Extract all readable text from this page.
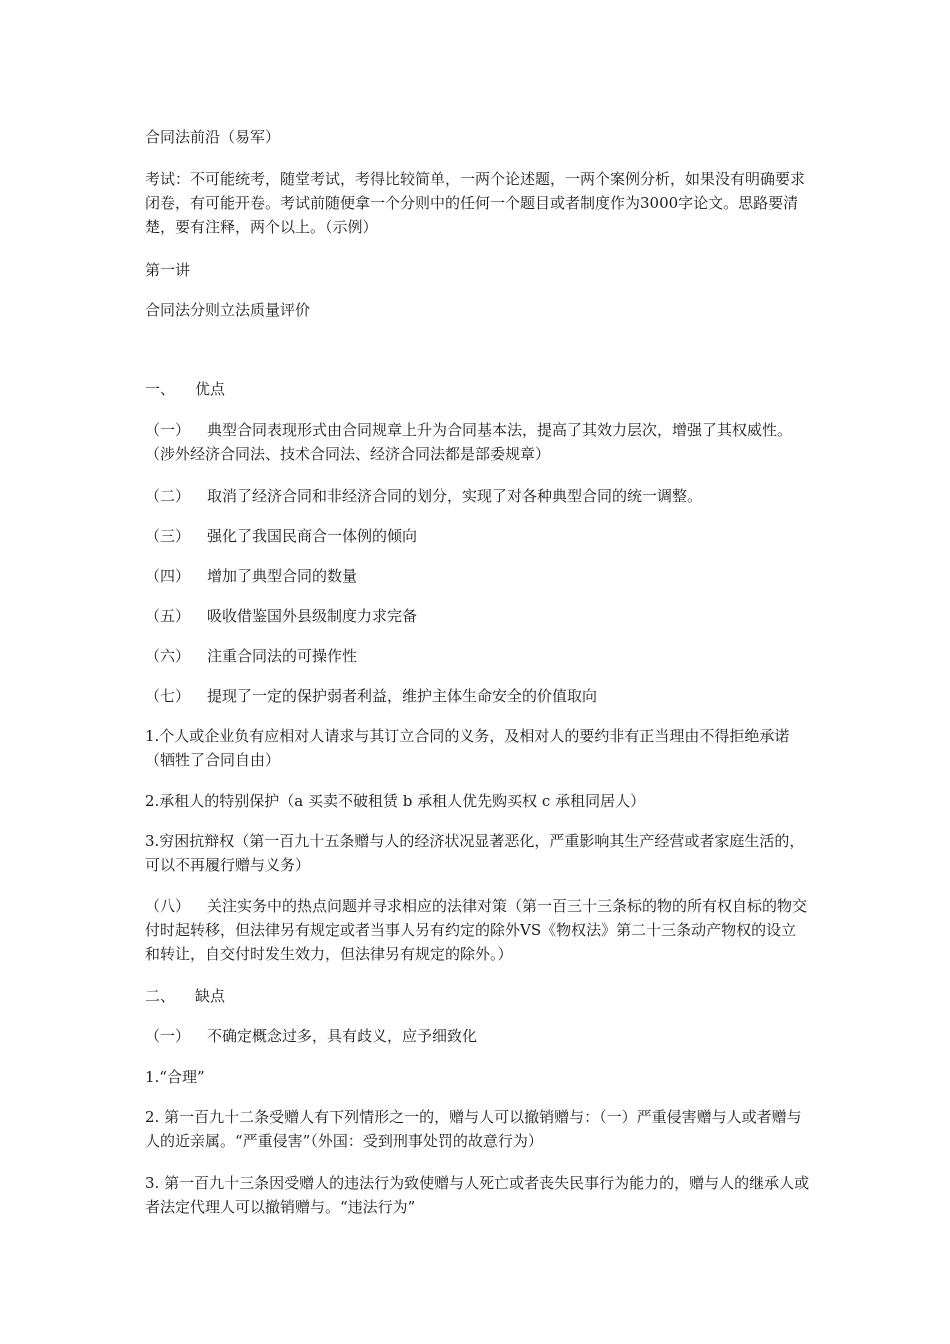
合同法前沿（易军）
考试：不可能统考，随堂考试，考得比较简单，一两个论述题，一两个案例分析，如果没有明确要求闭卷，有可能开卷。考试前随便拿一个分则中的任何一个题目或者制度作为3000字论文。思路要清楚，要有注释，两个以上。（示例）
第一讲
合同法分则立法质量评价
一、 优点
（一） 典型合同表现形式由合同规章上升为合同基本法，提高了其效力层次，增强了其权威性。（涉外经济合同法、技术合同法、经济合同法都是部委规章）
（二） 取消了经济合同和非经济合同的划分，实现了对各种典型合同的统一调整。
（三） 强化了我国民商合一体例的倾向
（四） 增加了典型合同的数量
（五） 吸收借鉴国外县级制度力求完备
（六） 注重合同法的可操作性
（七） 提现了一定的保护弱者利益，维护主体生命安全的价值取向
1.个人或企业负有应相对人请求与其订立合同的义务，及相对人的要约非有正当理由不得拒绝承诺（牺牲了合同自由）
2.承租人的特别保护（a 买卖不破租赁 b 承租人优先购买权 c 承租同居人）
3.穷困抗辩权（第一百九十五条赠与人的经济状况显著恶化，严重影响其生产经营或者家庭生活的，可以不再履行赠与义务）
（八） 关注实务中的热点问题并寻求相应的法律对策（第一百三十三条标的物的所有权自标的物交付时起转移，但法律另有规定或者当事人另有约定的除外VS《物权法》第二十三条动产物权的设立和转让，自交付时发生效力，但法律另有规定的除外。）
二、 缺点
（一） 不确定概念过多，具有歧义，应予细致化
1.“合理”
2. 第一百九十二条受赠人有下列情形之一的，赠与人可以撤销赠与：（一）严重侵害赠与人或者赠与人的近亲属。“严重侵害”（外国：受到刑事处罚的故意行为）
3. 第一百九十三条因受赠人的违法行为致使赠与人死亡或者丧失民事行为能力的，赠与人的继承人或者法定代理人可以撤销赠与。“违法行为”
